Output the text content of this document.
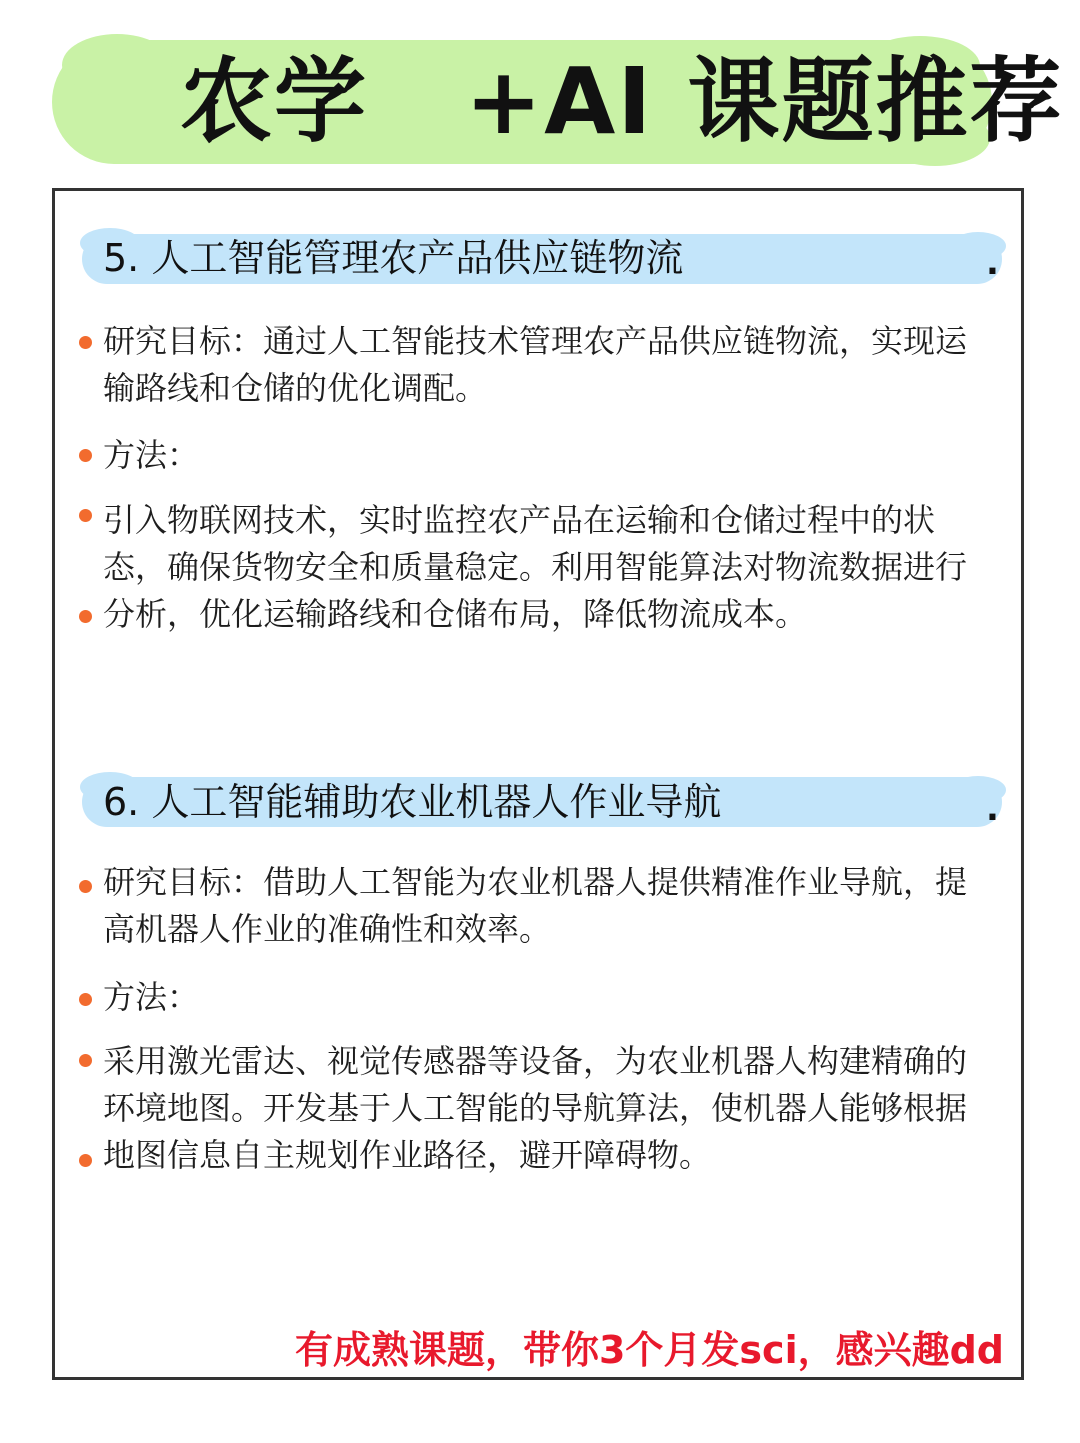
农学 +AI 课题推荐
5. 人工智能管理农产品供应链物流	.
研究目标：通过人工智能技术管理农产品供应链物流，实现运输路线和仓储的优化调配。
方法：
引入物联网技术，实时监控农产品在运输和仓储过程中的状态，确保货物安全和质量稳定。利用智能算法对物流数据进行分析，优化运输路线和仓储布局，降低物流成本。
6. 人工智能辅助农业机器人作业导航	.
研究目标：借助人工智能为农业机器人提供精准作业导航，提高机器人作业的准确性和效率。
方法：
采用激光雷达、视觉传感器等设备，为农业机器人构建精确的环境地图。开发基于人工智能的导航算法，使机器人能够根据地图信息自主规划作业路径，避开障碍物。
有成熟课题，带你3个月发sci，感兴趣dd
